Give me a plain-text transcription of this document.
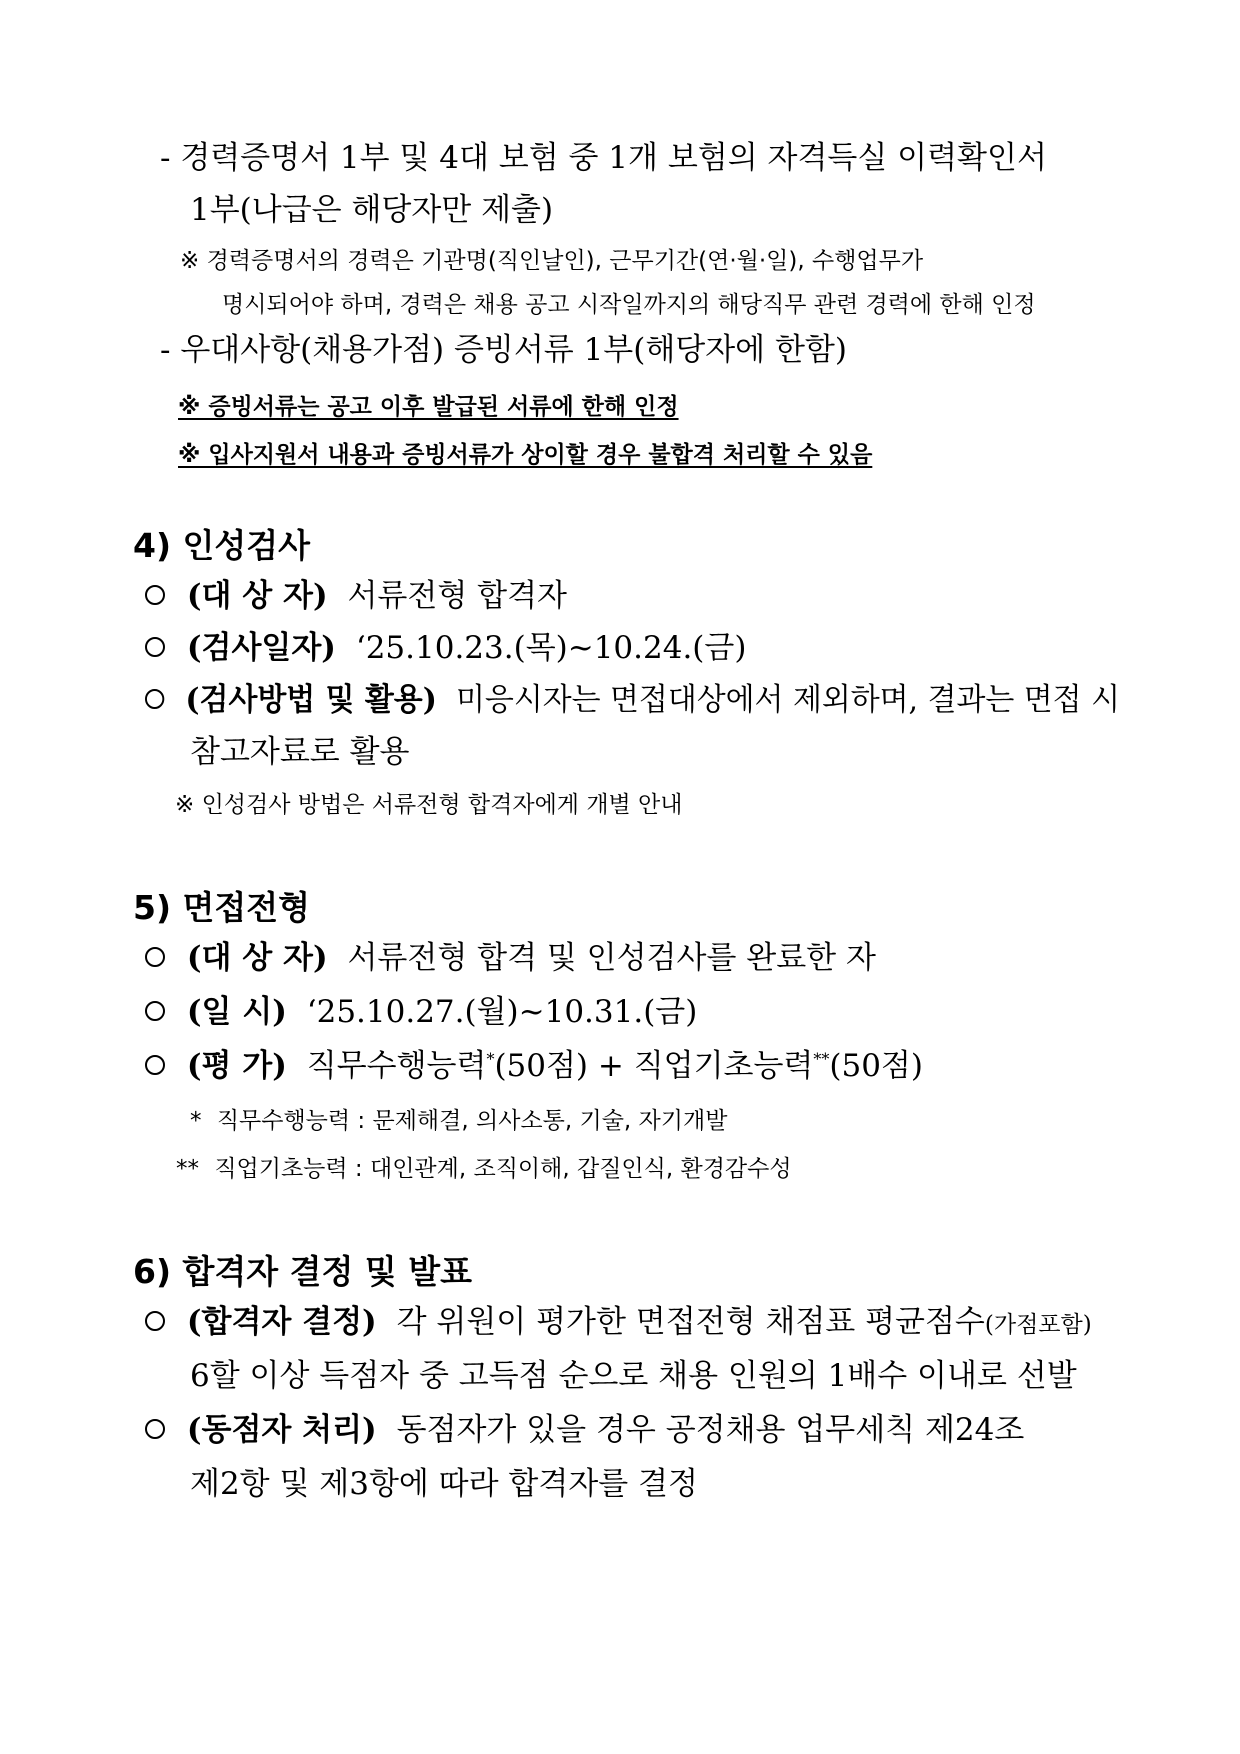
- 경력증명서 1부 및 4대 보험 중 1개 보험의 자격득실 이력확인서
1부(나급은 해당자만 제출)
※ 경력증명서의 경력은 기관명(직인날인), 근무기간(연·월·일), 수행업무가
명시되어야 하며, 경력은 채용 공고 시작일까지의 해당직무 관련 경력에 한해 인정
- 우대사항(채용가점) 증빙서류 1부(해당자에 한함)
※ 증빙서류는 공고 이후 발급된 서류에 한해 인정
※ 입사지원서 내용과 증빙서류가 상이할 경우 불합격 처리할 수 있음
4) 인성검사
(대 상 자) 서류전형 합격자
(검사일자) ‘25.10.23.(목)~10.24.(금)
(검사방법 및 활용) 미응시자는 면접대상에서 제외하며, 결과는 면접 시
참고자료로 활용
※ 인성검사 방법은 서류전형 합격자에게 개별 안내
5) 면접전형
(대 상 자) 서류전형 합격 및 인성검사를 완료한 자
(일 시) ‘25.10.27.(월)~10.31.(금)
(평 가) 직무수행능력*(50점) + 직업기초능력**(50점)
* 직무수행능력 : 문제해결, 의사소통, 기술, 자기개발
** 직업기초능력 : 대인관계, 조직이해, 갑질인식, 환경감수성
6) 합격자 결정 및 발표
(합격자 결정) 각 위원이 평가한 면접전형 채점표 평균점수(가점포함)
6할 이상 득점자 중 고득점 순으로 채용 인원의 1배수 이내로 선발
(동점자 처리) 동점자가 있을 경우 공정채용 업무세칙 제24조
제2항 및 제3항에 따라 합격자를 결정
